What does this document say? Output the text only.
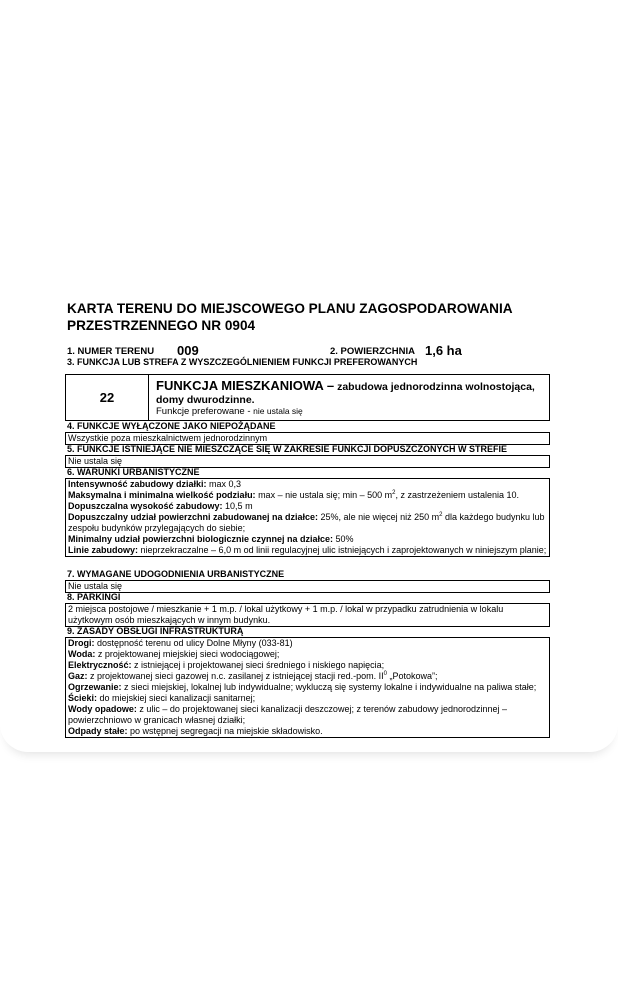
KARTA TERENU DO MIEJSCOWEGO PLANU ZAGOSPODAROWANIA PRZESTRZENNEGO NR 0904
1. NUMER TERENU 009	2. POWIERZCHNIA 1,6 ha
3. FUNKCJA LUB STREFA Z WYSZCZEGÓLNIENIEM FUNKCJI PREFEROWANYCH
22
FUNKCJA MIESZKANIOWA – zabudowa jednorodzinna wolnostojąca, domy dwurodzinne.
Funkcje preferowane - nie ustala się
4. FUNKCJE WYŁĄCZONE JAKO NIEPOŻĄDANE
Wszystkie poza mieszkalnictwem jednorodzinnym
5. FUNKCJE ISTNIEJĄCE NIE MIESZCZĄCE SIĘ W ZAKRESIE FUNKCJI DOPUSZCZONYCH W STREFIE
Nie ustala się
6. WARUNKI URBANISTYCZNE
Intensywność zabudowy działki: max 0,3
Maksymalna i minimalna wielkość podziału: max – nie ustala się; min – 500 $m^2$, z zastrzeżeniem ustalenia 10.
Dopuszczalna wysokość zabudowy: 10,5 m
Dopuszczalny udział powierzchni zabudowanej na działce: 25%, ale nie więcej niż 250 $m^2$ dla każdego budynku lub zespołu budynków przylegających do siebie;
Minimalny udział powierzchni biologicznie czynnej na działce: 50%
Linie zabudowy: nieprzekraczalne – 6,0 m od linii regulacyjnej ulic istniejących i zaprojektowanych w niniejszym planie;
7. WYMAGANE UDOGODNIENIA URBANISTYCZNE
Nie ustala się
8. PARKINGI
2 miejsca postojowe / mieszkanie + 1 m.p. / lokal użytkowy + 1 m.p. / lokal w przypadku zatrudnienia w lokalu użytkowym osób mieszkających w innym budynku.
9. ZASADY OBSŁUGI INFRASTRUKTURĄ
Drogi: dostępność terenu od ulicy Dolne Młyny (033-81)
Woda: z projektowanej miejskiej sieci wodociągowej;
Elektryczność: z istniejącej i projektowanej sieci średniego i niskiego napięcia;
Gaz: z projektowanej sieci gazowej n.c. zasilanej z istniejącej stacji red.-pom. $II^0$ „Potokowa”;
Ogrzewanie: z sieci miejskiej, lokalnej lub indywidualne; wykluczą się systemy lokalne i indywidualne na paliwa stałe;
Ścieki: do miejskiej sieci kanalizacji sanitarnej;
Wody opadowe: z ulic – do projektowanej sieci kanalizacji deszczowej; z terenów zabudowy jednorodzinnej – powierzchniowo w granicach własnej działki;
Odpady stałe: po wstępnej segregacji na miejskie składowisko.
